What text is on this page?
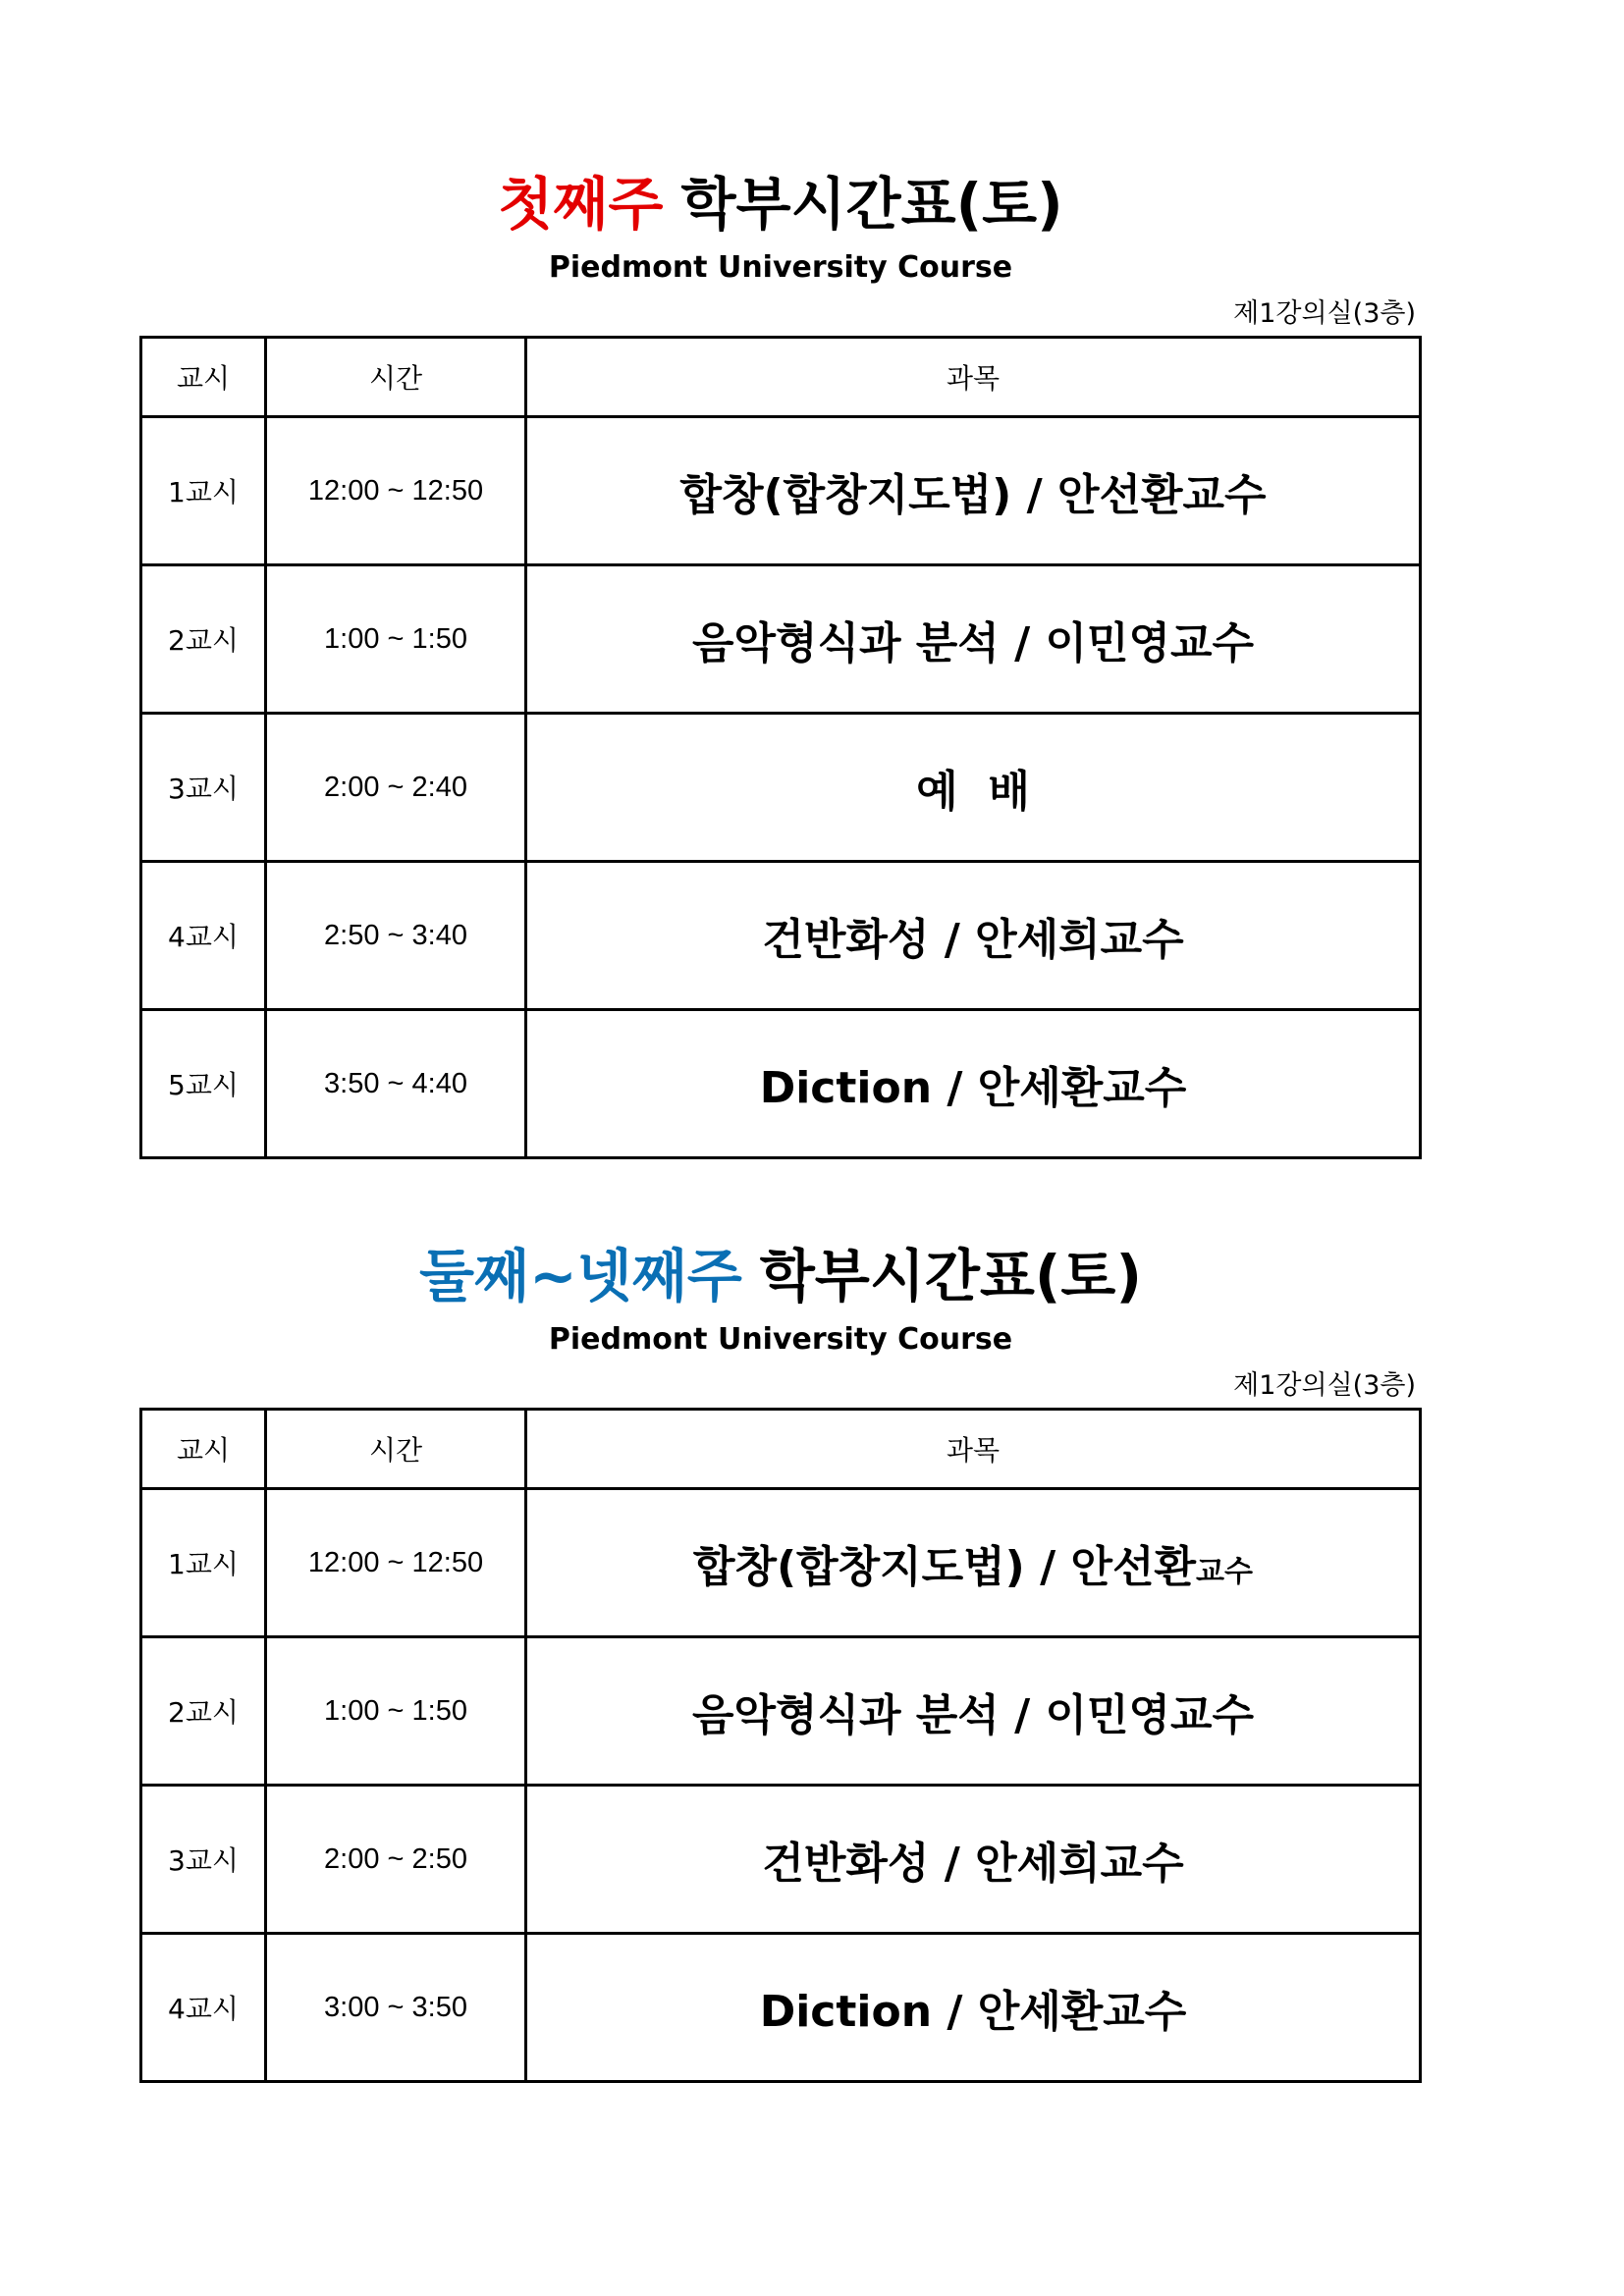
첫째주 학부시간표(토)
Piedmont University Course
제1강의실(3층)
교시	시간	과목
1교시	12:00 ~ 12:50	합창(합창지도법) / 안선환교수
2교시	1:00 ~ 1:50	음악형식과 분석 / 이민영교수
3교시	2:00 ~ 2:40	예  배
4교시	2:50 ~ 3:40	건반화성 / 안세희교수
5교시	3:50 ~ 4:40	Diction / 안세환교수
둘째~넷째주 학부시간표(토)
Piedmont University Course
제1강의실(3층)
교시	시간	과목
1교시	12:00 ~ 12:50	합창(합창지도법) / 안선환교수
2교시	1:00 ~ 1:50	음악형식과 분석 / 이민영교수
3교시	2:00 ~ 2:50	건반화성 / 안세희교수
4교시	3:00 ~ 3:50	Diction / 안세환교수
